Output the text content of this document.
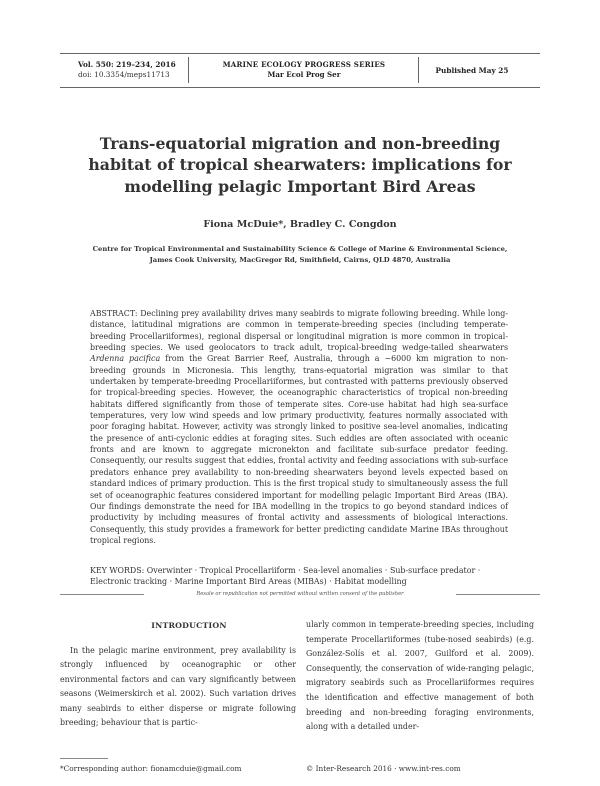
Vol. 550: 219–234, 2016
doi: 10.3354/meps11713
MARINE ECOLOGY PROGRESS SERIES
Mar Ecol Prog Ser	Published May 25
Trans-equatorial migration and non-breeding
habitat of tropical shearwaters: implications for
modelling pelagic Important Bird Areas
Fiona McDuie*, Bradley C. Congdon
Centre for Tropical Environmental and Sustainability Science & College of Marine & Environmental Science,
James Cook University, MacGregor Rd, Smithfield, Cairns, QLD 4870, Australia
ABSTRACT: Declining prey availability drives many seabirds to migrate following breeding. While long-distance, latitudinal migrations are common in temperate-breeding species (including temperate-breeding Procellariiformes), regional dispersal or longitudinal migration is more common in tropical-breeding species. We used geolocators to track adult, tropical-breeding wedge-tailed shearwaters Ardenna pacifica from the Great Barrier Reef, Australia, through a ~6000 km migration to non-breeding grounds in Micronesia. This lengthy, trans-equatorial migration was similar to that undertaken by temperate-breeding Procellariiformes, but contrasted with patterns previously observed for tropical-breeding species. However, the oceanographic characteristics of tropical non-breeding habitats differed significantly from those of temperate sites. Core-use habitat had high sea-surface temperatures, very low wind speeds and low primary productivity, features normally associated with poor foraging habitat. However, activity was strongly linked to positive sea-level anomalies, indicating the presence of anti-cyclonic eddies at foraging sites. Such eddies are often associated with oceanic fronts and are known to aggregate micronekton and facilitate sub-surface predator feeding. Consequently, our results suggest that eddies, frontal activity and feeding associations with sub-surface predators enhance prey availability to non-breeding shearwaters beyond levels expected based on standard indices of primary production. This is the first tropical study to simultaneously assess the full set of oceanographic features considered important for modelling pelagic Important Bird Areas (IBA). Our findings demonstrate the need for IBA modelling in the tropics to go beyond standard indices of productivity by including measures of frontal activity and assessments of biological interactions. Consequently, this study provides a framework for better predicting candidate Marine IBAs throughout tropical regions.
KEY WORDS: Overwinter · Tropical Procellariiform · Sea-level anomalies · Sub-surface predator · Electronic tracking · Marine Important Bird Areas (MIBAs) · Habitat modelling
Resale or republication not permitted without written consent of the publisher
INTRODUCTION
In the pelagic marine environment, prey availability is strongly influenced by oceanographic or other environmental factors and can vary significantly between seasons (Weimerskirch et al. 2002). Such variation drives many seabirds to either disperse or migrate following breeding; behaviour that is partic-
ularly common in temperate-breeding species, including temperate Procellariiformes (tube-nosed seabirds) (e.g. González-Solís et al. 2007, Guilford et al. 2009). Consequently, the conservation of wide-ranging pelagic, migratory seabirds such as Procellariiformes requires the identification and effective management of both breeding and non-breeding foraging environments, along with a detailed under-
*Corresponding author: fionamcduie@gmail.com	© Inter-Research 2016 · www.int-res.com
